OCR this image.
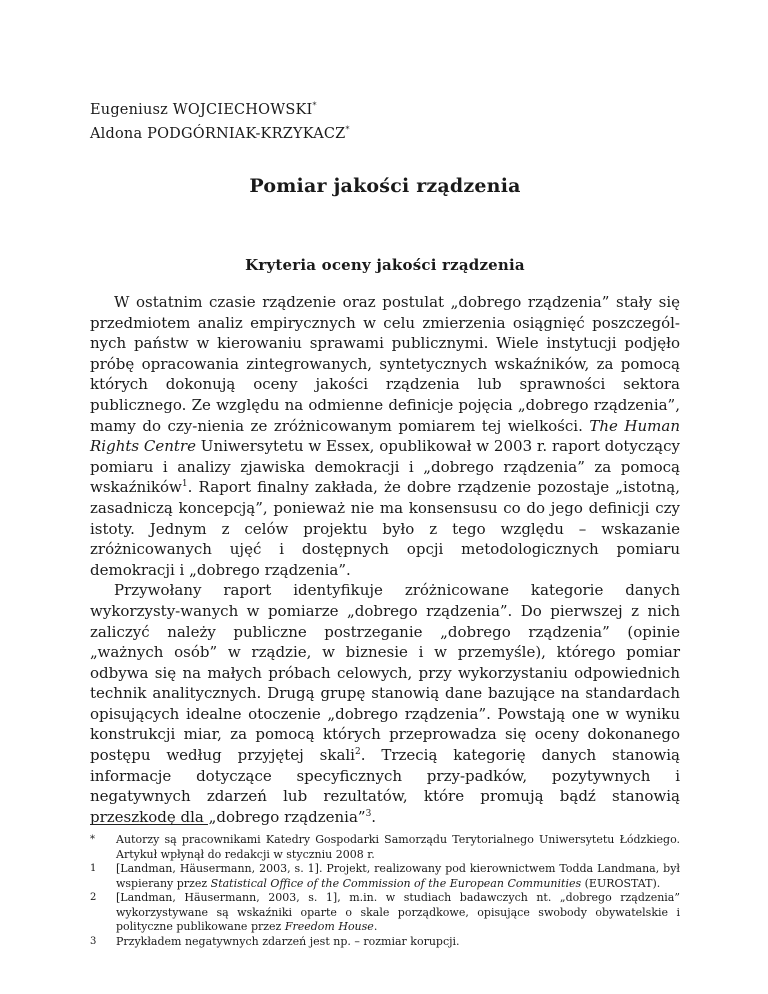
Eugeniusz WOJCIECHOWSKI*
Aldona PODGÓRNIAK-KRZYKACZ*
Pomiar jakości rządzenia
Kryteria oceny jakości rządzenia

W ostatnim czasie rządzenie oraz postulat „dobrego rządzenia” stały się przedmiotem analiz empirycznych w celu zmierzenia osiągnięć poszczegól-nych państw w kierowaniu sprawami publicznymi. Wiele instytucji podjęło próbę opracowania zintegrowanych, syntetycznych wskaźników, za pomocą których dokonują oceny jakości rządzenia lub sprawności sektora publicznego. Ze względu na odmienne definicje pojęcia „dobrego rządzenia”, mamy do czy-nienia ze zróżnicowanym pomiarem tej wielkości. The Human Rights Centre Uniwersytetu w Essex, opublikował w 2003 r. raport dotyczący pomiaru i analizy zjawiska demokracji i „dobrego rządzenia” za pomocą wskaźników$^1$. Raport finalny zakłada, że dobre rządzenie pozostaje „istotną, zasadniczą koncepcją”, ponieważ nie ma konsensusu co do jego definicji czy istoty. Jednym z celów projektu było z tego względu – wskazanie zróżnicowanych ujęć i dostępnych opcji metodologicznych pomiaru demokracji i „dobrego rządzenia”.

Przywołany raport identyfikuje zróżnicowane kategorie danych wykorzysty-wanych w pomiarze „dobrego rządzenia”. Do pierwszej z nich zaliczyć należy publiczne postrzeganie „dobrego rządzenia” (opinie „ważnych osób” w rządzie, w biznesie i w przemyśle), którego pomiar odbywa się na małych próbach celowych, przy wykorzystaniu odpowiednich technik analitycznych. Drugą grupę stanowią dane bazujące na standardach opisujących idealne otoczenie „dobrego rządzenia”. Powstają one w wyniku konstrukcji miar, za pomocą których przeprowadza się oceny dokonanego postępu według przyjętej skali$^2$. Trzecią kategorię danych stanowią informacje dotyczące specyficznych przy-padków, pozytywnych i negatywnych zdarzeń lub rezultatów, które promują bądź stanowią przeszkodę dla „dobrego rządzenia”$^3$.

*	Autorzy są pracownikami Katedry Gospodarki Samorządu Terytorialnego Uniwersytetu Łódzkiego. Artykuł wpłynął do redakcji w styczniu 2008 r.
1	[Landman, Häusermann, 2003, s. 1]. Projekt, realizowany pod kierownictwem Todda Landmana, był wspierany przez Statistical Office of the Commission of the European Communities (EUROSTAT).
2	[Landman, Häusermann, 2003, s. 1], m.in. w studiach badawczych nt. „dobrego rządzenia” wykorzystywane są wskaźniki oparte o skale porządkowe, opisujące swobody obywatelskie i polityczne publikowane przez Freedom House.
3	Przykładem negatywnych zdarzeń jest np. – rozmiar korupcji.
